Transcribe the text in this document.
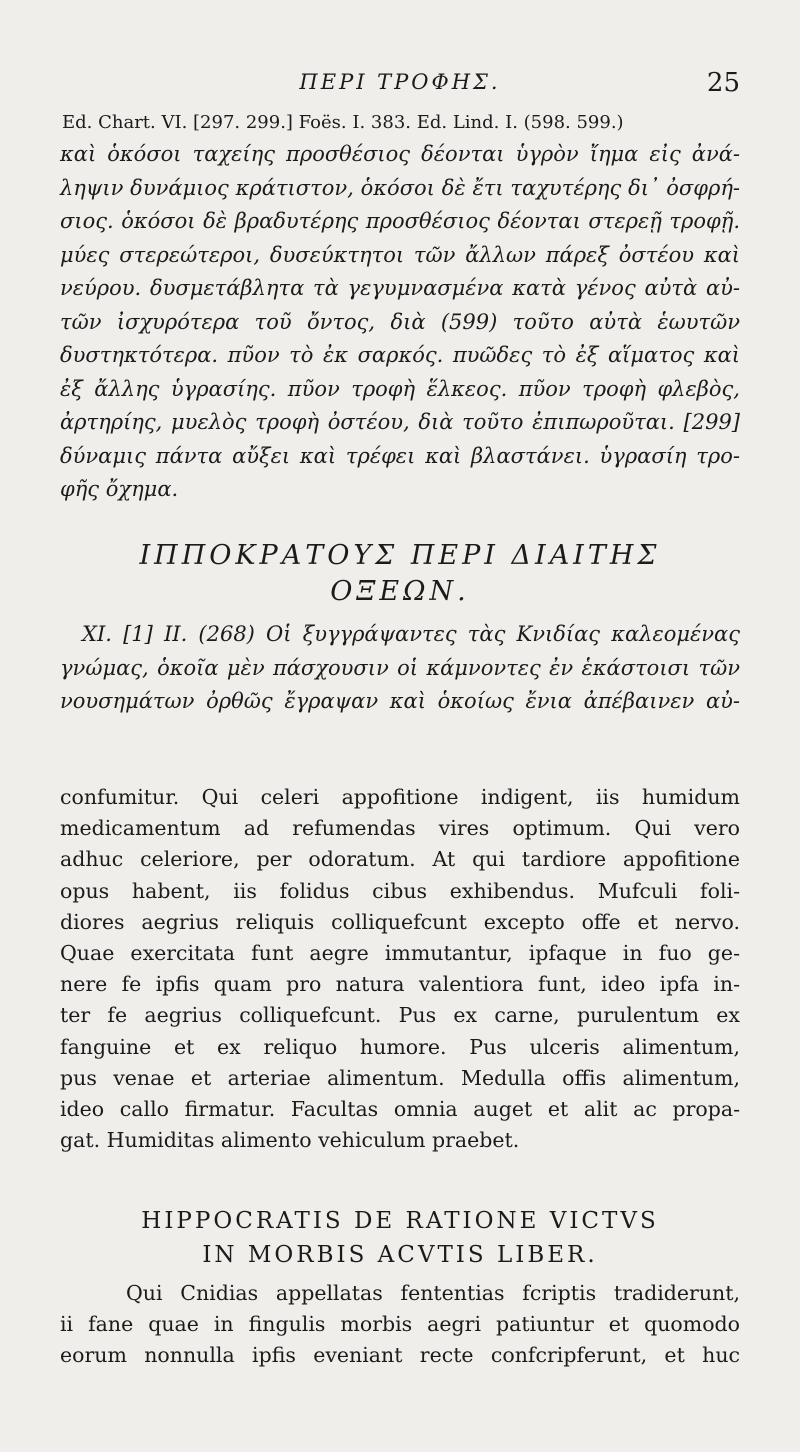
ΠΕΡΙ ΤΡΟΦΗΣ.	25
Ed. Chart. VI. [297. 299.] Foës. I. 383. Ed. Lind. I. (598. 599.)
καὶ ὁκόσοι ταχείης προσθέσιος δέονται ὑγρὸν ἴημα εἰς ἀνά-
ληψιν δυνάμιος κράτιστον, ὁκόσοι δὲ ἔτι ταχυτέρης δι᾽ ὀσφρή-
σιος. ὁκόσοι δὲ βραδυτέρης προσθέσιος δέονται στερεῇ τροφῇ.
μύες στερεώτεροι, δυσεύκτητοι τῶν ἄλλων πάρεξ ὀστέου καὶ
νεύρου. δυσμετάβλητα τὰ γεγυμνασμένα κατὰ γένος αὐτὰ αὐ-
τῶν ἰσχυρότερα τοῦ ὄντος, διὰ (599) τοῦτο αὐτὰ ἑωυτῶν
δυστηκτότερα. πῦον τὸ ἐκ σαρκός. πυῶδες τὸ ἐξ αἵματος καὶ
ἐξ ἄλλης ὑγρασίης. πῦον τροφὴ ἕλκεος. πῦον τροφὴ φλεβὸς,
ἀρτηρίης, μυελὸς τροφὴ ὀστέου, διὰ τοῦτο ἐπιπωροῦται. [299]
δύναμις πάντα αὔξει καὶ τρέφει καὶ βλαστάνει. ὑγρασίη τρο-
φῆς ὄχημα.
ΙΠΠΟΚΡΑΤΟΥΣ ΠΕΡΙ ΔΙΑΙΤΗΣ
ΟΞΕΩΝ.
XI. [1] II. (268) Οἱ ξυγγράψαντες τὰς Κνιδίας καλεομένας
γνώμας, ὁκοῖα μὲν πάσχουσιν οἱ κάμνοντες ἐν ἑκάστοισι τῶν
νουσημάτων ὀρθῶς ἔγραψαν καὶ ὁκοίως ἔνια ἀπέβαινεν αὐ-
confumitur. Qui celeri appofitione indigent, iis humidum
medicamentum ad refumendas vires optimum. Qui vero
adhuc celeriore, per odoratum. At qui tardiore appofitione
opus habent, iis folidus cibus exhibendus. Mufculi foli-
diores aegrius reliquis colliquefcunt excepto offe et nervo.
Quae exercitata funt aegre immutantur, ipfaque in fuo ge-
nere fe ipfis quam pro natura valentiora funt, ideo ipfa in-
ter fe aegrius colliquefcunt. Pus ex carne, purulentum ex
fanguine et ex reliquo humore. Pus ulceris alimentum,
pus venae et arteriae alimentum. Medulla offis alimentum,
ideo callo firmatur. Facultas omnia auget et alit ac propa-
gat. Humiditas alimento vehiculum praebet.
HIPPOCRATIS DE RATIONE VICTVS
IN MORBIS ACVTIS LIBER.
Qui Cnidias appellatas fententias fcriptis tradiderunt,
ii fane quae in fingulis morbis aegri patiuntur et quomodo
eorum nonnulla ipfis eveniant recte confcripferunt, et huc
